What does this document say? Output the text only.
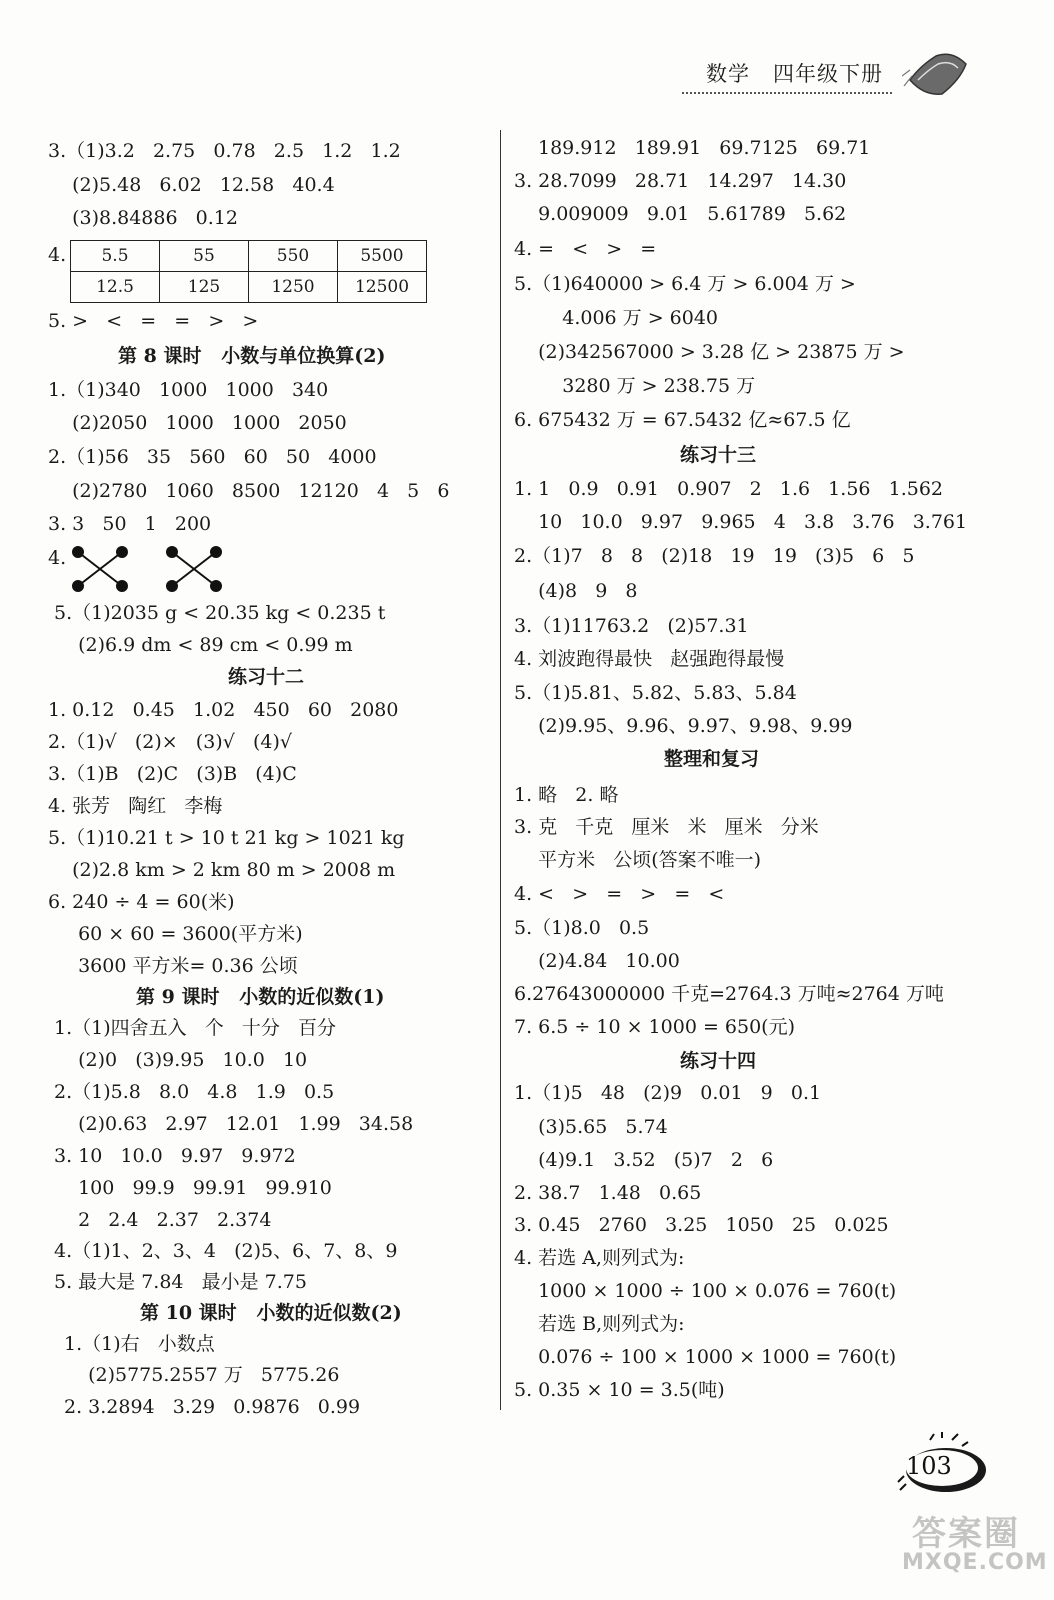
数学   四年级下册
3.（1)3.2   2.75   0.78   2.5   1.2   1.2
(2)5.48   6.02   12.58   40.4
(3)8.84886   0.12
4. 5.5	55	550	5500
12.5	125	1250	12500
5. >   <   =   =   >   >
第 8 课时   小数与单位换算(2)
1.（1)340   1000   1000   340
(2)2050   1000   1000   2050
2.（1)56   35   560   60   50   4000
(2)2780   1060   8500   12120   4   5   6
3. 3   50   1   200
4.
5.（1)2035 g < 20.35 kg < 0.235 t
(2)6.9 dm < 89 cm < 0.99 m
练习十二
1. 0.12   0.45   1.02   450   60   2080
2.（1)√   (2)×   (3)√   (4)√
3.（1)B   (2)C   (3)B   (4)C
4. 张芳   陶红   李梅
5.（1)10.21 t > 10 t 21 kg > 1021 kg
(2)2.8 km > 2 km 80 m > 2008 m
6. 240 ÷ 4 = 60(米)
60 × 60 = 3600(平方米)
3600 平方米= 0.36 公顷
第 9 课时   小数的近似数(1)
1.（1)四舍五入   个   十分   百分
(2)0   (3)9.95   10.0   10
2.（1)5.8   8.0   4.8   1.9   0.5
(2)0.63   2.97   12.01   1.99   34.58
3. 10   10.0   9.97   9.972
100   99.9   99.91   99.910
2   2.4   2.37   2.374
4.（1)1、2、3、4   (2)5、6、7、8、9
5. 最大是 7.84   最小是 7.75
第 10 课时   小数的近似数(2)
1.（1)右   小数点
(2)5775.2557 万   5775.26
2. 3.2894   3.29   0.9876   0.99
189.912   189.91   69.7125   69.71
3. 28.7099   28.71   14.297   14.30
9.009009   9.01   5.61789   5.62
4. =   <   >   =
5.（1)640000 > 6.4 万 > 6.004 万 >
4.006 万 > 6040
(2)342567000 > 3.28 亿 > 23875 万 >
3280 万 > 238.75 万
6. 675432 万 = 67.5432 亿≈67.5 亿
练习十三
1. 1   0.9   0.91   0.907   2   1.6   1.56   1.562
10   10.0   9.97   9.965   4   3.8   3.76   3.761
2.（1)7   8   8   (2)18   19   19   (3)5   6   5
(4)8   9   8
3.（1)11763.2   (2)57.31
4. 刘波跑得最快   赵强跑得最慢
5.（1)5.81、5.82、5.83、5.84
(2)9.95、9.96、9.97、9.98、9.99
整理和复习
1. 略   2. 略
3. 克   千克   厘米   米   厘米   分米
平方米   公顷(答案不唯一)
4. <   >   =   >   =   <
5.（1)8.0   0.5
(2)4.84   10.00
6.27643000000 千克=2764.3 万吨≈2764 万吨
7. 6.5 ÷ 10 × 1000 = 650(元)
练习十四
1.（1)5   48   (2)9   0.01   9   0.1
(3)5.65   5.74
(4)9.1   3.52   (5)7   2   6
2. 38.7   1.48   0.65
3. 0.45   2760   3.25   1050   25   0.025
4. 若选 A,则列式为:
1000 × 1000 ÷ 100 × 0.076 = 760(t)
若选 B,则列式为:
0.076 ÷ 100 × 1000 × 1000 = 760(t)
5. 0.35 × 10 = 3.5(吨)
103
答案圈
MXQE.COM
